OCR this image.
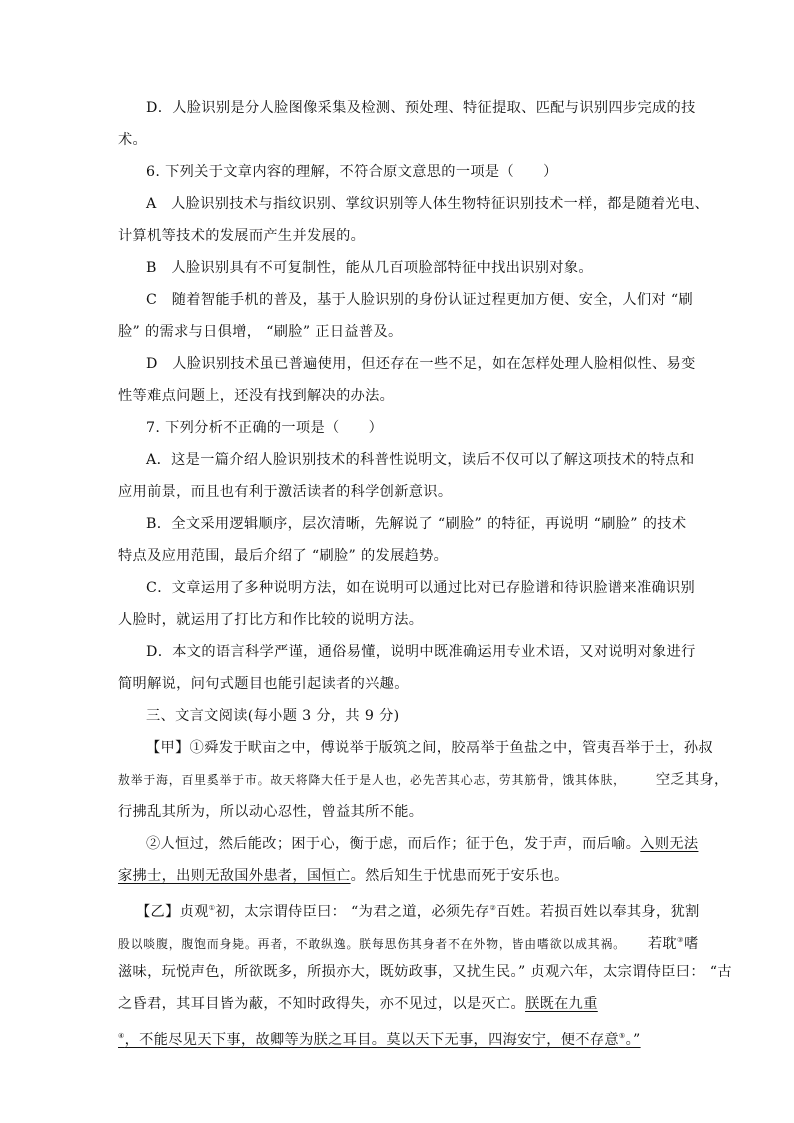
D．人脸识别是分人脸图像采集及检测、预处理、特征提取、匹配与识别四步完成的技
术。
6. 下列关于文章内容的理解，不符合原文意思的一项是（　　）
A　人脸识别技术与指纹识别、掌纹识别等人体生物特征识别技术一样，都是随着光电、
计算机等技术的发展而产生并发展的。
B　人脸识别具有不可复制性，能从几百项脸部特征中找出识别对象。
C　随着智能手机的普及，基于人脸识别的身份认证过程更加方便、安全，人们对 “刷
脸” 的需求与日俱增， “刷脸” 正日益普及。
D　人脸识别技术虽已普遍使用，但还存在一些不足，如在怎样处理人脸相似性、易变
性等难点问题上，还没有找到解决的办法。
7. 下列分析不正确的一项是（　　）
A．这是一篇介绍人脸识别技术的科普性说明文，读后不仅可以了解这项技术的特点和
应用前景，而且也有利于激活读者的科学创新意识。
B．全文采用逻辑顺序，层次清晰，先解说了 “刷脸” 的特征，再说明 “刷脸” 的技术
特点及应用范围，最后介绍了 “刷脸” 的发展趋势。
C．文章运用了多种说明方法，如在说明可以通过比对已存脸谱和待识脸谱来准确识别
人脸时，就运用了打比方和作比较的说明方法。
D．本文的语言科学严谨，通俗易懂，说明中既准确运用专业术语，又对说明对象进行
简明解说，问句式题目也能引起读者的兴趣。
三、文言文阅读(每小题 3 分，共 9 分)
【甲】①舜发于畎亩之中，傅说举于版筑之间，胶鬲举于鱼盐之中，管夷吾举于士，孙叔
敖举于海，百里奚举于市。故天将降大任于是人也，必先苦其心志，劳其筋骨，饿其体肤， 空乏其身，
行拂乱其所为，所以动心忍性，曾益其所不能。
②人恒过，然后能改；困于心，衡于虑，而后作；征于色，发于声，而后喻。入则无法
家拂士，出则无敌国外患者，国恒亡。然后知生于忧患而死于安乐也。
【乙】贞观①初，太宗谓侍臣曰： “为君之道，必须先存②百姓。若损百姓以奉其身，犹割
股以啖腹，腹饱而身毙。再者，不敢纵逸。朕每思伤其身者不在外物，皆由嗜欲以成其祸。 若耽③嗜
滋味，玩悦声色，所欲既多，所损亦大，既妨政事，又扰生民。” 贞观六年，太宗谓侍臣曰： “古
之昏君，其耳目皆为蔽，不知时政得失，亦不见过，以是灭亡。朕既在九重
④，不能尽见天下事，故卿等为朕之耳目。莫以天下无事，四海安宁，便不存意⑤。”
